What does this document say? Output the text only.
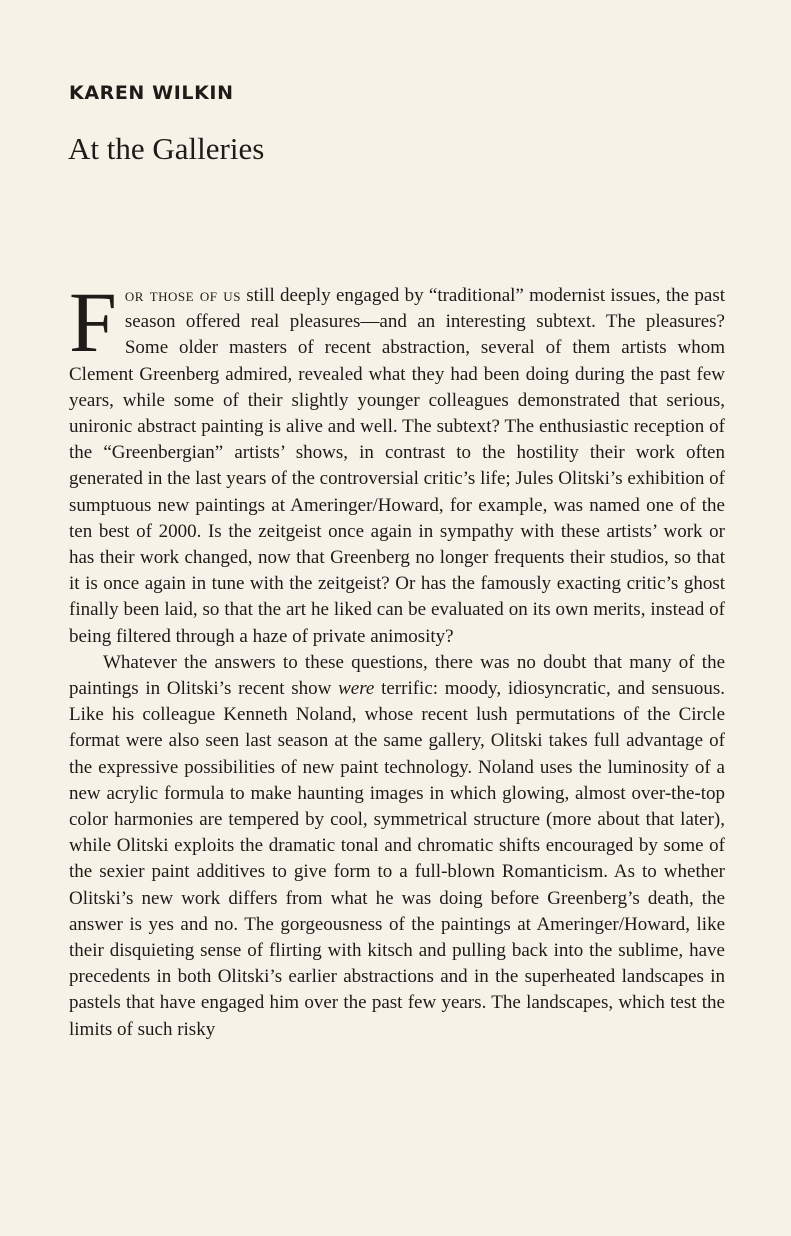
KAREN WILKIN
At the Galleries

For those of us still deeply engaged by “traditional” modernist issues, the past season offered real pleasures—and an interesting subtext. The pleasures? Some older masters of recent abstraction, several of them artists whom Clement Greenberg admired, revealed what they had been doing during the past few years, while some of their slightly younger colleagues demonstrated that serious, unironic abstract painting is alive and well. The subtext? The enthusiastic reception of the “Greenbergian” artists’ shows, in contrast to the hostility their work often generated in the last years of the controversial critic’s life; Jules Olitski’s exhibition of sumptuous new paintings at Ameringer/Howard, for example, was named one of the ten best of 2000. Is the zeitgeist once again in sympathy with these artists’ work or has their work changed, now that Greenberg no longer frequents their studios, so that it is once again in tune with the zeitgeist? Or has the famously exacting critic’s ghost finally been laid, so that the art he liked can be evaluated on its own merits, instead of being filtered through a haze of private animosity?

Whatever the answers to these questions, there was no doubt that many of the paintings in Olitski’s recent show were terrific: moody, idiosyncratic, and sensuous. Like his colleague Kenneth Noland, whose recent lush permutations of the Circle format were also seen last season at the same gallery, Olitski takes full advantage of the expressive possibilities of new paint technology. Noland uses the luminosity of a new acrylic formula to make haunting images in which glowing, almost over-the-top color harmonies are tempered by cool, symmetrical structure (more about that later), while Olitski exploits the dramatic tonal and chromatic shifts encouraged by some of the sexier paint additives to give form to a full-blown Romanticism. As to whether Olitski’s new work differs from what he was doing before Greenberg’s death, the answer is yes and no. The gorgeousness of the paintings at Ameringer/Howard, like their disquieting sense of flirting with kitsch and pulling back into the sublime, have precedents in both Olitski’s earlier abstractions and in the superheated landscapes in pastels that have engaged him over the past few years. The landscapes, which test the limits of such risky
